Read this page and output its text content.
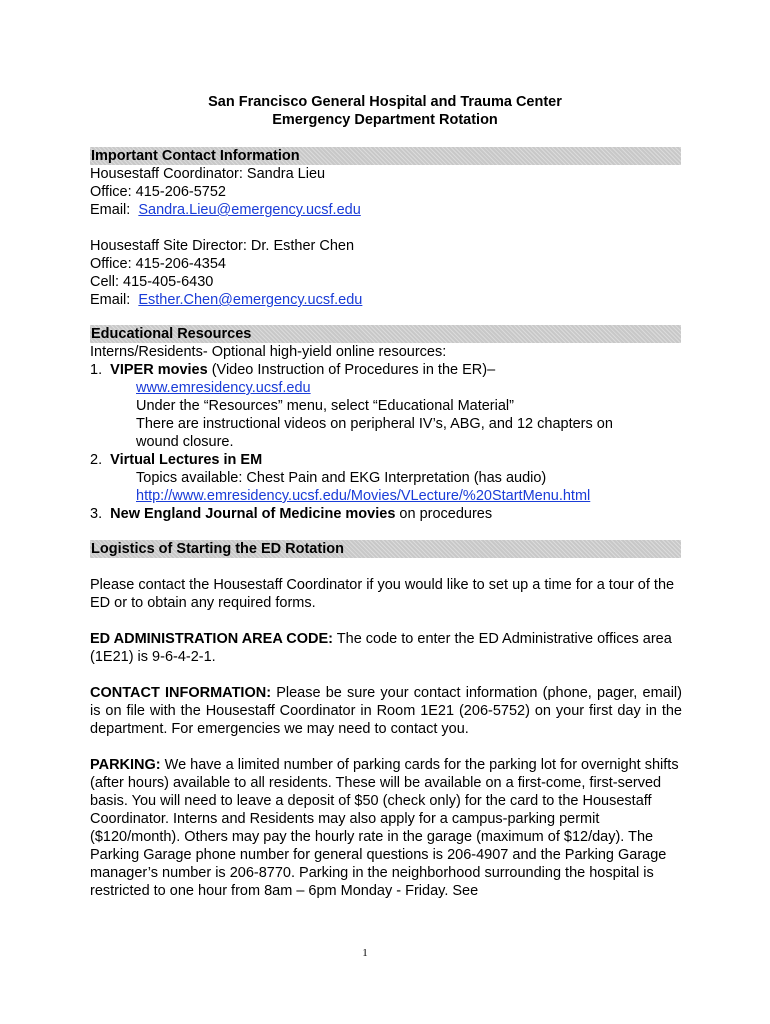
San Francisco General Hospital and Trauma Center
Emergency Department Rotation
Important Contact Information
Housestaff Coordinator: Sandra Lieu
Office: 415-206-5752
Email: Sandra.Lieu@emergency.ucsf.edu
Housestaff Site Director: Dr. Esther Chen
Office: 415-206-4354
Cell: 415-405-6430
Email: Esther.Chen@emergency.ucsf.edu
Educational Resources
Interns/Residents- Optional high-yield online resources:
1. VIPER movies (Video Instruction of Procedures in the ER)–
www.emresidency.ucsf.edu
Under the “Resources” menu, select “Educational Material”
There are instructional videos on peripheral IV’s, ABG, and 12 chapters on
wound closure.
2. Virtual Lectures in EM
Topics available: Chest Pain and EKG Interpretation (has audio)
http://www.emresidency.ucsf.edu/Movies/VLecture/%20StartMenu.html
3. New England Journal of Medicine movies on procedures
Logistics of Starting the ED Rotation
Please contact the Housestaff Coordinator if you would like to set up a time for a tour of the ED or to obtain any required forms.
ED ADMINISTRATION AREA CODE: The code to enter the ED Administrative offices area (1E21) is 9-6-4-2-1.
CONTACT INFORMATION: Please be sure your contact information (phone, pager, email) is on file with the Housestaff Coordinator in Room 1E21 (206-5752) on your first day in the department. For emergencies we may need to contact you.
PARKING: We have a limited number of parking cards for the parking lot for overnight shifts (after hours) available to all residents. These will be available on a first-come, first-served basis. You will need to leave a deposit of $50 (check only) for the card to the Housestaff Coordinator. Interns and Residents may also apply for a campus-parking permit ($120/month). Others may pay the hourly rate in the garage (maximum of $12/day). The Parking Garage phone number for general questions is 206-4907 and the Parking Garage manager’s number is 206-8770. Parking in the neighborhood surrounding the hospital is restricted to one hour from 8am – 6pm Monday - Friday. See
1
